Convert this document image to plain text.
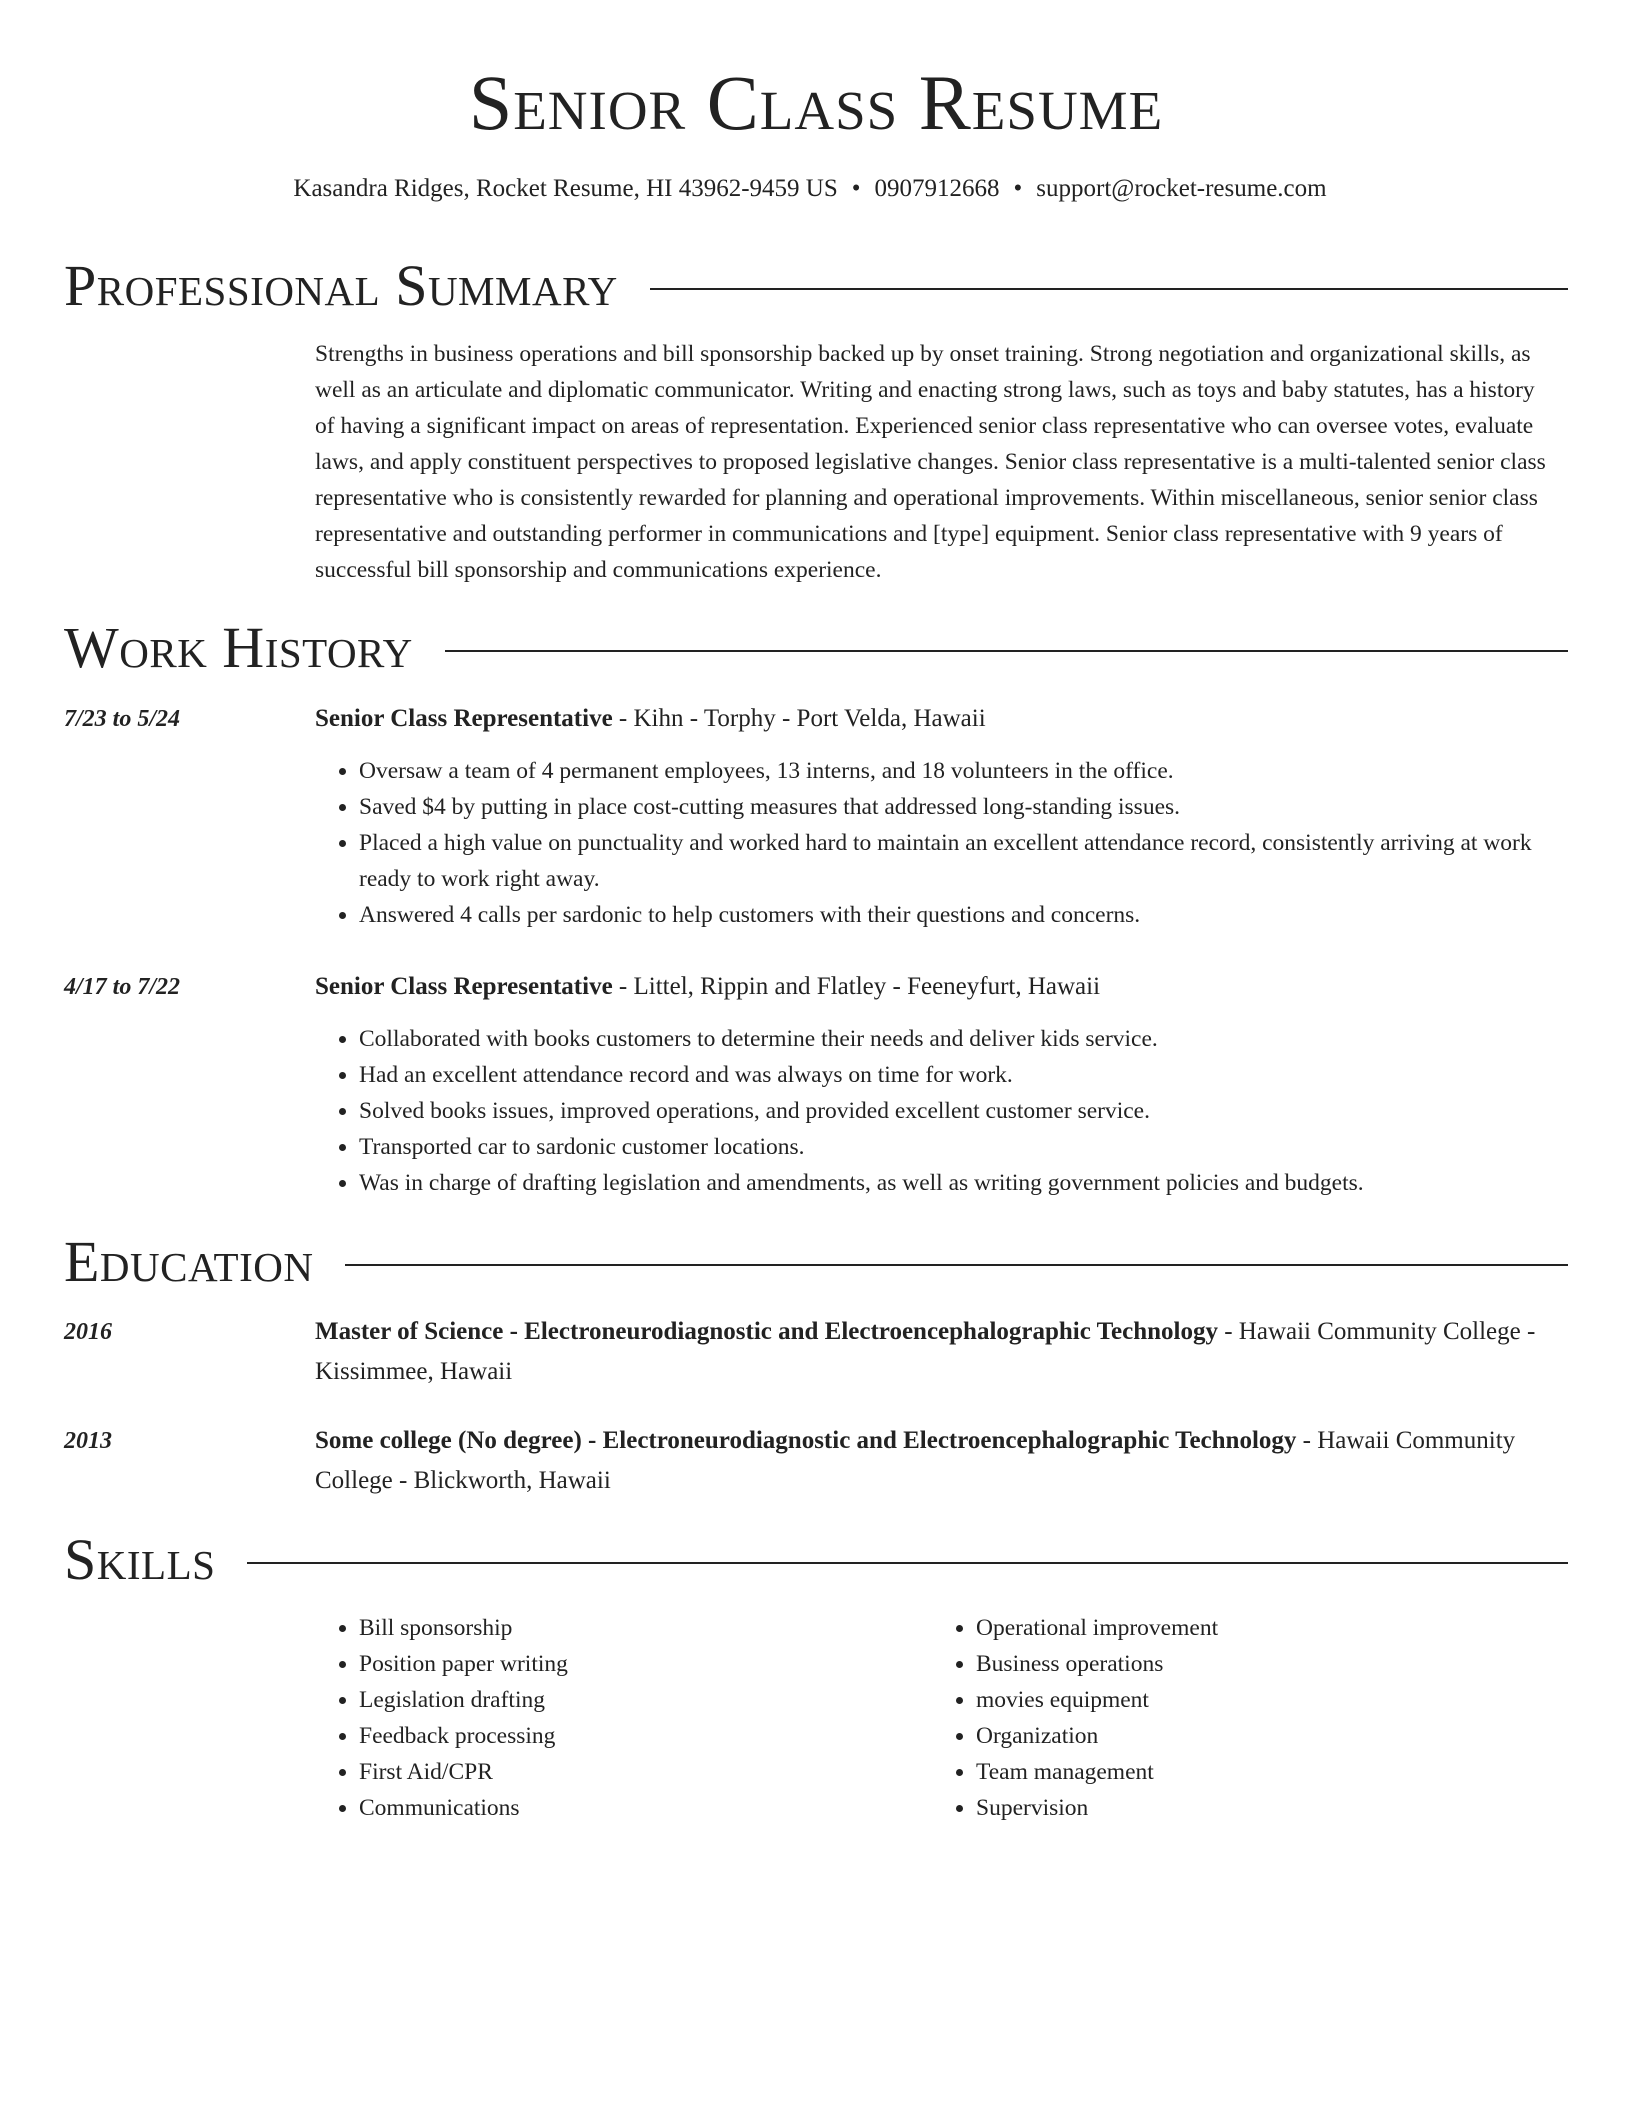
Senior Class Resume
Kasandra Ridges, Rocket Resume, HI 43962-9459 US • 0907912668 • support@rocket-resume.com
Professional Summary

Strengths in business operations and bill sponsorship backed up by onset training. Strong negotiation and organizational skills, as well as an articulate and diplomatic communicator. Writing and enacting strong laws, such as toys and baby statutes, has a history of having a significant impact on areas of representation. Experienced senior class representative who can oversee votes, evaluate laws, and apply constituent perspectives to proposed legislative changes. Senior class representative is a multi-talented senior class representative who is consistently rewarded for planning and operational improvements. Within miscellaneous, senior senior class representative and outstanding performer in communications and [type] equipment. Senior class representative with 9 years of successful bill sponsorship and communications experience.

Work History
7/23 to 5/24	Senior Class Representative - Kihn - Torphy - Port Velda, Hawaii

• Oversaw a team of 4 permanent employees, 13 interns, and 18 volunteers in the office.
• Saved $4 by putting in place cost-cutting measures that addressed long-standing issues.
• Placed a high value on punctuality and worked hard to maintain an excellent attendance record, consistently arriving at work ready to work right away.
• Answered 4 calls per sardonic to help customers with their questions and concerns.
4/17 to 7/22	Senior Class Representative - Littel, Rippin and Flatley - Feeneyfurt, Hawaii

• Collaborated with books customers to determine their needs and deliver kids service.
• Had an excellent attendance record and was always on time for work.
• Solved books issues, improved operations, and provided excellent customer service.
• Transported car to sardonic customer locations.
• Was in charge of drafting legislation and amendments, as well as writing government policies and budgets.
Education
2016	Master of Science - Electroneurodiagnostic and Electroencephalographic Technology - Hawaii Community College - Kissimmee, Hawaii

2013	Some college (No degree) - Electroneurodiagnostic and Electroencephalographic Technology - Hawaii Community College - Blickworth, Hawaii

Skills
• Bill sponsorship
• Position paper writing
• Legislation drafting
• Feedback processing
• First Aid/CPR
• Communications
• Operational improvement
• Business operations
• movies equipment
• Organization
• Team management
• Supervision
